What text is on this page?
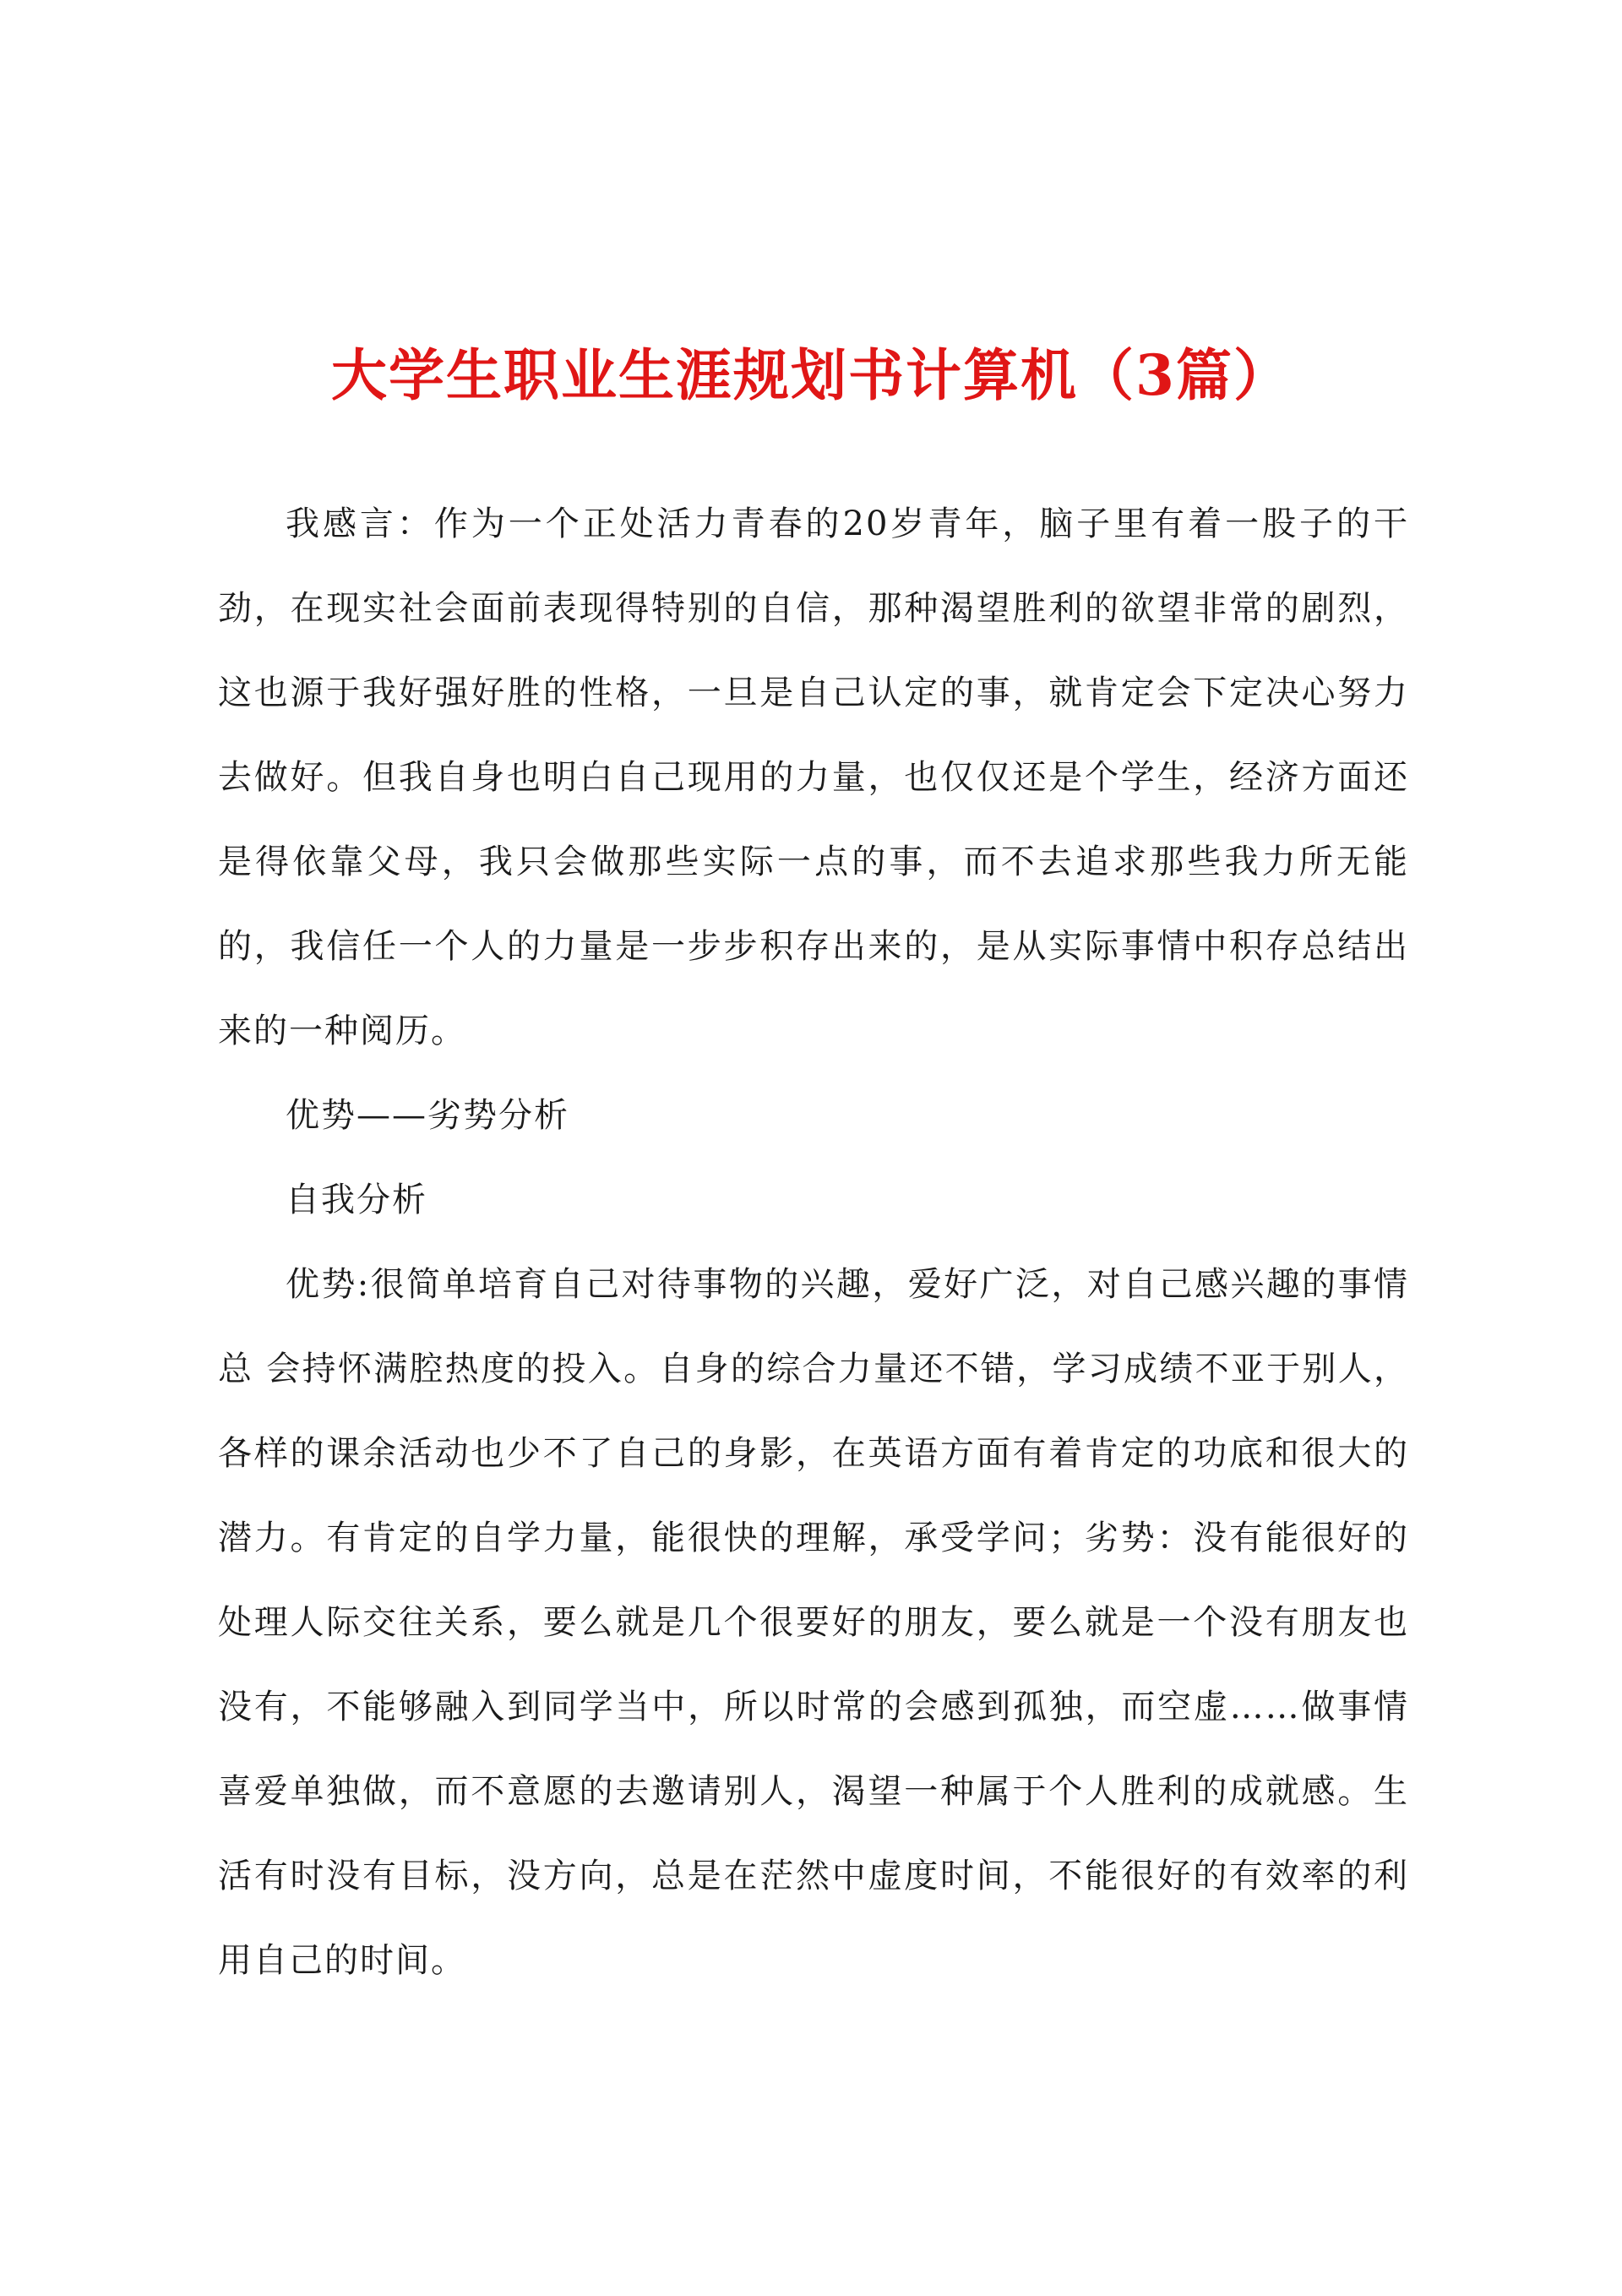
大学生职业生涯规划书计算机（3篇）

我感言：作为一个正处活力青春的20岁青年，脑子里有着一股子的干劲，在现实社会面前表现得特别的自信，那种渴望胜利的欲望非常的剧烈，这也源于我好强好胜的性格，一旦是自己认定的事，就肯定会下定决心努力去做好。但我自身也明白自己现用的力量，也仅仅还是个学生，经济方面还是得依靠父母，我只会做那些实际一点的事，而不去追求那些我力所无能的，我信任一个人的力量是一步步积存出来的，是从实际事情中积存总结出来的一种阅历。

优势——劣势分析

自我分析

优势:很简单培育自己对待事物的兴趣，爱好广泛，对自己感兴趣的事情总 会持怀满腔热度的投入。自身的综合力量还不错，学习成绩不亚于别人，各样的课余活动也少不了自己的身影，在英语方面有着肯定的功底和很大的潜力。有肯定的自学力量，能很快的理解，承受学问；劣势：没有能很好的处理人际交往关系，要么就是几个很要好的朋友，要么就是一个没有朋友也没有，不能够融入到同学当中，所以时常的会感到孤独，而空虚……做事情喜爱单独做，而不意愿的去邀请别人，渴望一种属于个人胜利的成就感。生活有时没有目标，没方向，总是在茫然中虚度时间，不能很好的有效率的利用自己的时间。
